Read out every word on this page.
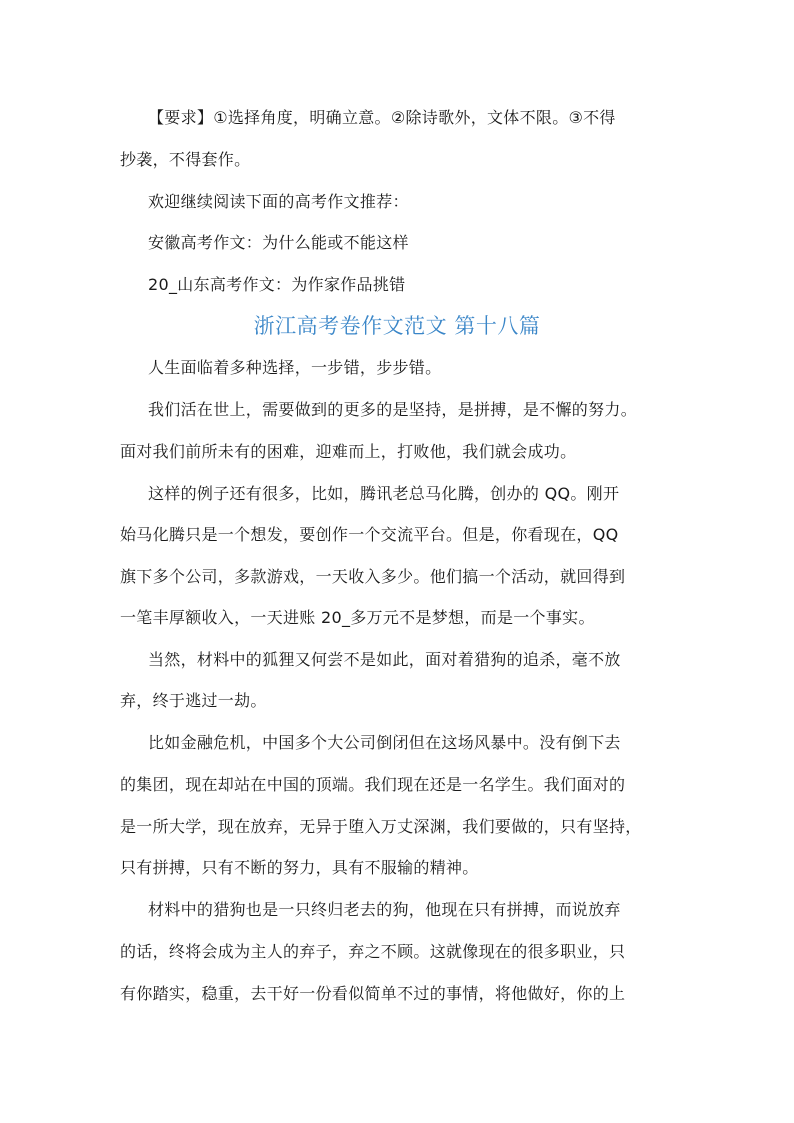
【要求】①选择角度，明确立意。②除诗歌外，文体不限。③不得
抄袭，不得套作。
欢迎继续阅读下面的高考作文推荐：
安徽高考作文：为什么能或不能这样
20_山东高考作文：为作家作品挑错
浙江高考卷作文范文 第十八篇
人生面临着多种选择，一步错，步步错。
我们活在世上，需要做到的更多的是坚持，是拼搏，是不懈的努力。
面对我们前所未有的困难，迎难而上，打败他，我们就会成功。
这样的例子还有很多，比如，腾讯老总马化腾，创办的 QQ。刚开
始马化腾只是一个想发，要创作一个交流平台。但是，你看现在，QQ
旗下多个公司，多款游戏，一天收入多少。他们搞一个活动，就回得到
一笔丰厚额收入，一天进账 20_多万元不是梦想，而是一个事实。
当然，材料中的狐狸又何尝不是如此，面对着猎狗的追杀，毫不放
弃，终于逃过一劫。
比如金融危机，中国多个大公司倒闭但在这场风暴中。没有倒下去
的集团，现在却站在中国的顶端。我们现在还是一名学生。我们面对的
是一所大学，现在放弃，无异于堕入万丈深渊，我们要做的，只有坚持，
只有拼搏，只有不断的努力，具有不服输的精神。
材料中的猎狗也是一只终归老去的狗，他现在只有拼搏，而说放弃
的话，终将会成为主人的弃子，弃之不顾。这就像现在的很多职业，只
有你踏实，稳重，去干好一份看似简单不过的事情，将他做好，你的上
